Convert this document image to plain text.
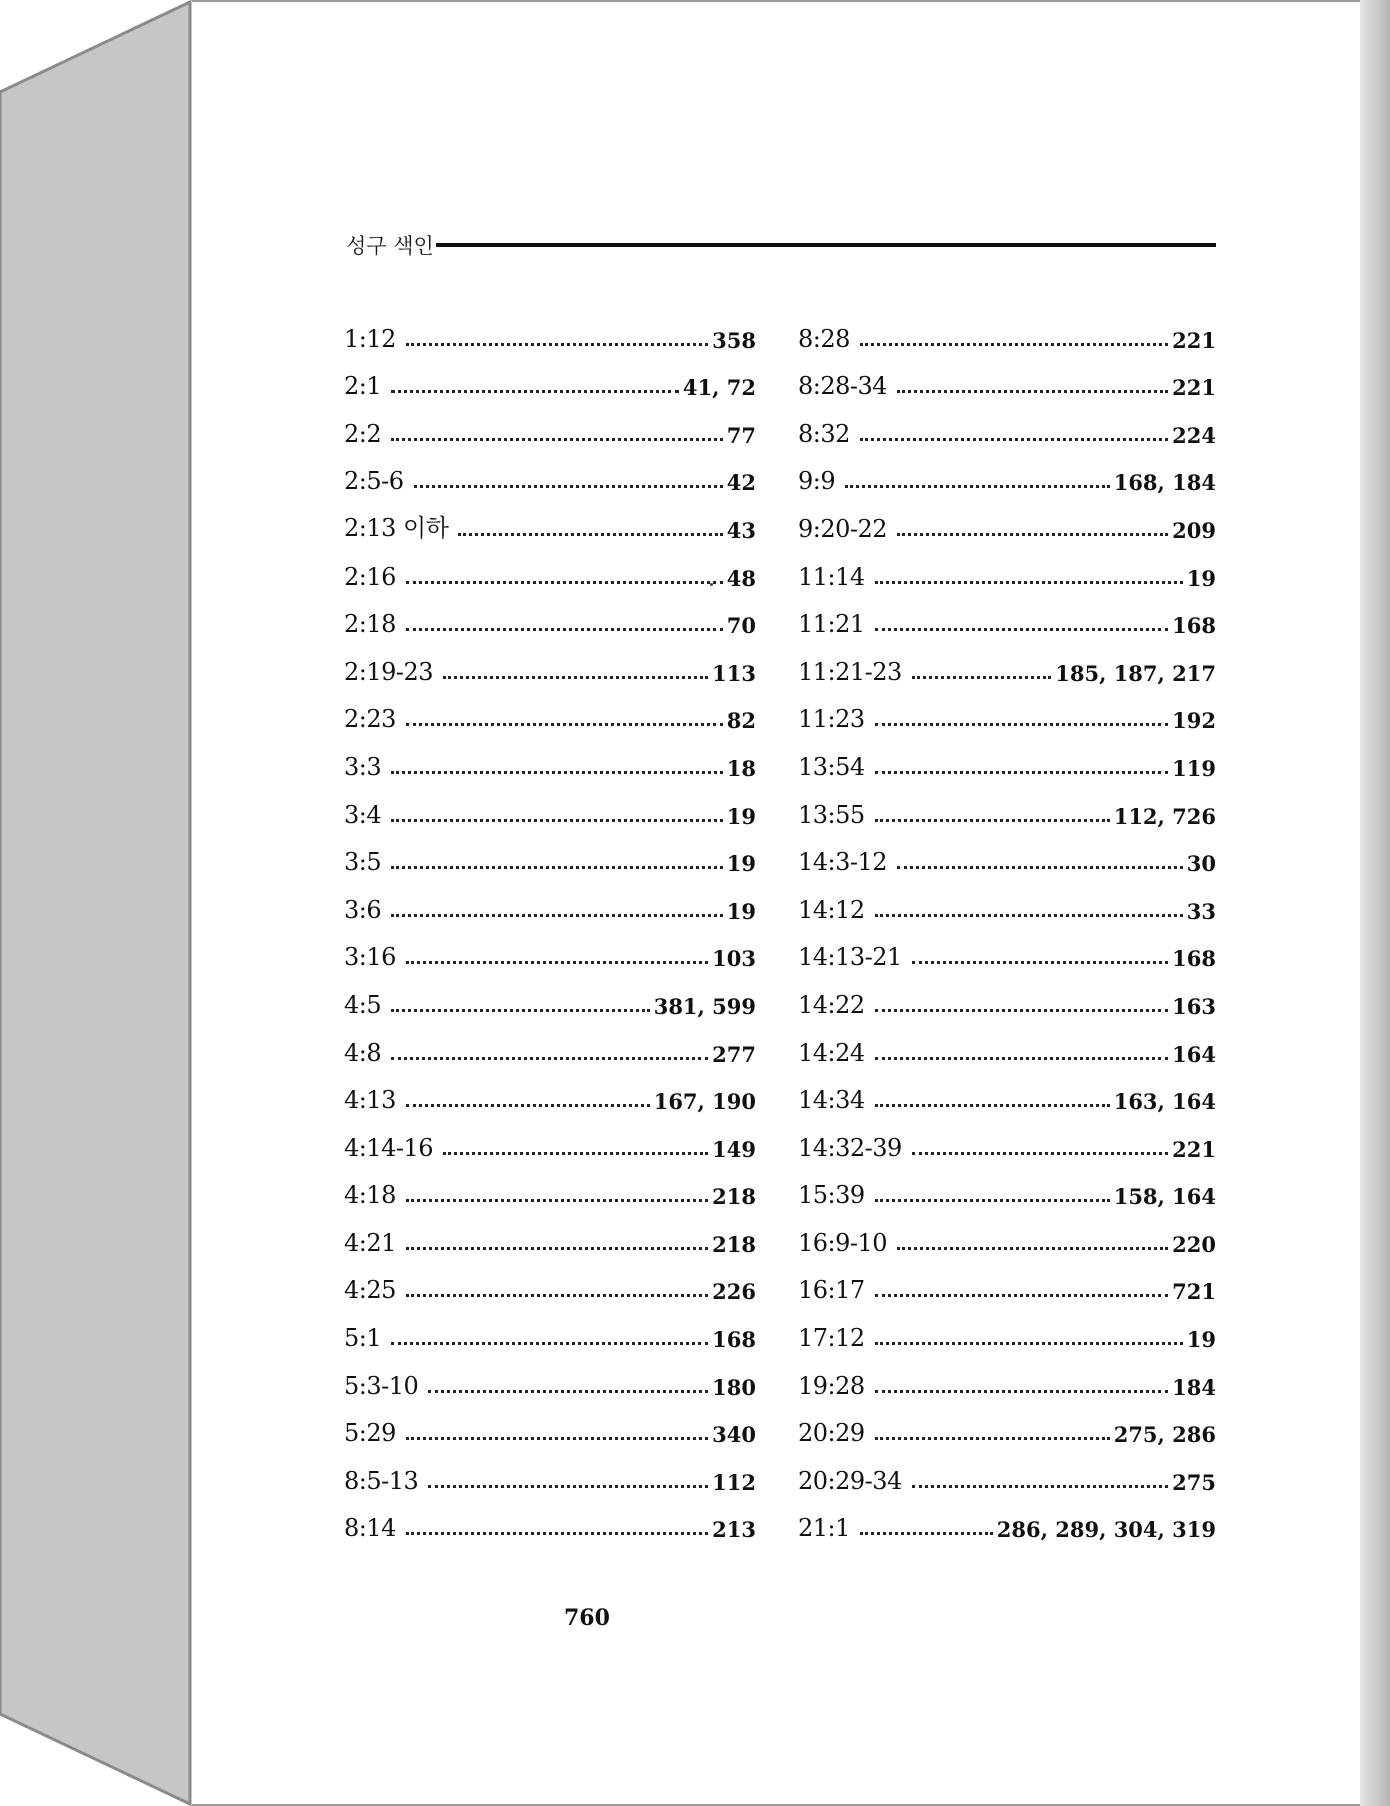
성구 색인
1:12	358
2:1	41, 72
2:2	77
2:5-6	42
2:13 이하	43
2:16	48
2:18	70
2:19-23	113
2:23	82
3:3	18
3:4	19
3:5	19
3:6	19
3:16	103
4:5	381, 599
4:8	277
4:13	167, 190
4:14-16	149
4:18	218
4:21	218
4:25	226
5:1	168
5:3-10	180
5:29	340
8:5-13	112
8:14	213
8:28	221
8:28-34	221
8:32	224
9:9	168, 184
9:20-22	209
11:14	19
11:21	168
11:21-23	185, 187, 217
11:23	192
13:54	119
13:55	112, 726
14:3-12	30
14:12	33
14:13-21	168
14:22	163
14:24	164
14:34	163, 164
14:32-39	221
15:39	158, 164
16:9-10	220
16:17	721
17:12	19
19:28	184
20:29	275, 286
20:29-34	275
21:1	286, 289, 304, 319
760
